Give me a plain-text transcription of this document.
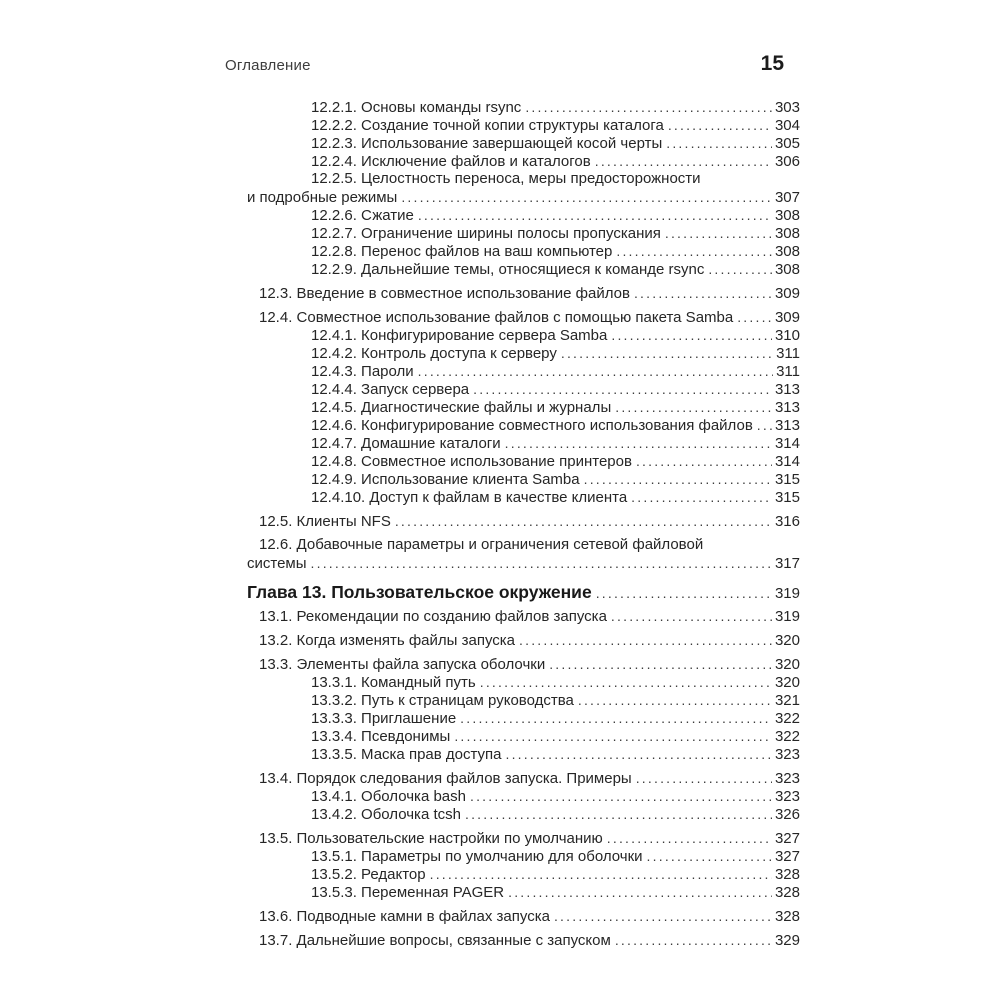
Оглавление	15
12.2.1. Основы команды rsync .....	303
12.2.2. Создание точной копии структуры каталога .....	304
12.2.3. Использование завершающей косой черты .....	305
12.2.4. Исключение файлов и каталогов .....	306
12.2.5. Целостность переноса, меры предосторожности
и подробные режимы .....	307
12.2.6. Сжатие .....	308
12.2.7. Ограничение ширины полосы пропускания .....	308
12.2.8. Перенос файлов на ваш компьютер .....	308
12.2.9. Дальнейшие темы, относящиеся к команде rsync .....	308
12.3. Введение в совместное использование файлов .....	309
12.4. Совместное использование файлов с помощью пакета Samba .....	309
12.4.1. Конфигурирование сервера Samba .....	310
12.4.2. Контроль доступа к серверу .....	311
12.4.3. Пароли .....	311
12.4.4. Запуск сервера .....	313
12.4.5. Диагностические файлы и журналы .....	313
12.4.6. Конфигурирование совместного использования файлов ..... 313
12.4.7. Домашние каталоги .....	314
12.4.8. Совместное использование принтеров .....	314
12.4.9. Использование клиента Samba .....	315
12.4.10. Доступ к файлам в качестве клиента .....	315
12.5. Клиенты NFS .....	316
12.6. Добавочные параметры и ограничения сетевой файловой
системы .....	317
Глава 13. Пользовательское окружение .....	319
13.1. Рекомендации по созданию файлов запуска .....	319
13.2. Когда изменять файлы запуска .....	320
13.3. Элементы файла запуска оболочки .....	320
13.3.1. Командный путь .....	320
13.3.2. Путь к страницам руководства .....	321
13.3.3. Приглашение .....	322
13.3.4. Псевдонимы .....	322
13.3.5. Маска прав доступа .....	323
13.4. Порядок следования файлов запуска. Примеры .....	323
13.4.1. Оболочка bash .....	323
13.4.2. Оболочка tcsh .....	326
13.5. Пользовательские настройки по умолчанию .....	327
13.5.1. Параметры по умолчанию для оболочки .....	327
13.5.2. Редактор .....	328
13.5.3. Переменная PAGER .....	328
13.6. Подводные камни в файлах запуска .....	328
13.7. Дальнейшие вопросы, связанные с запуском .....	329
